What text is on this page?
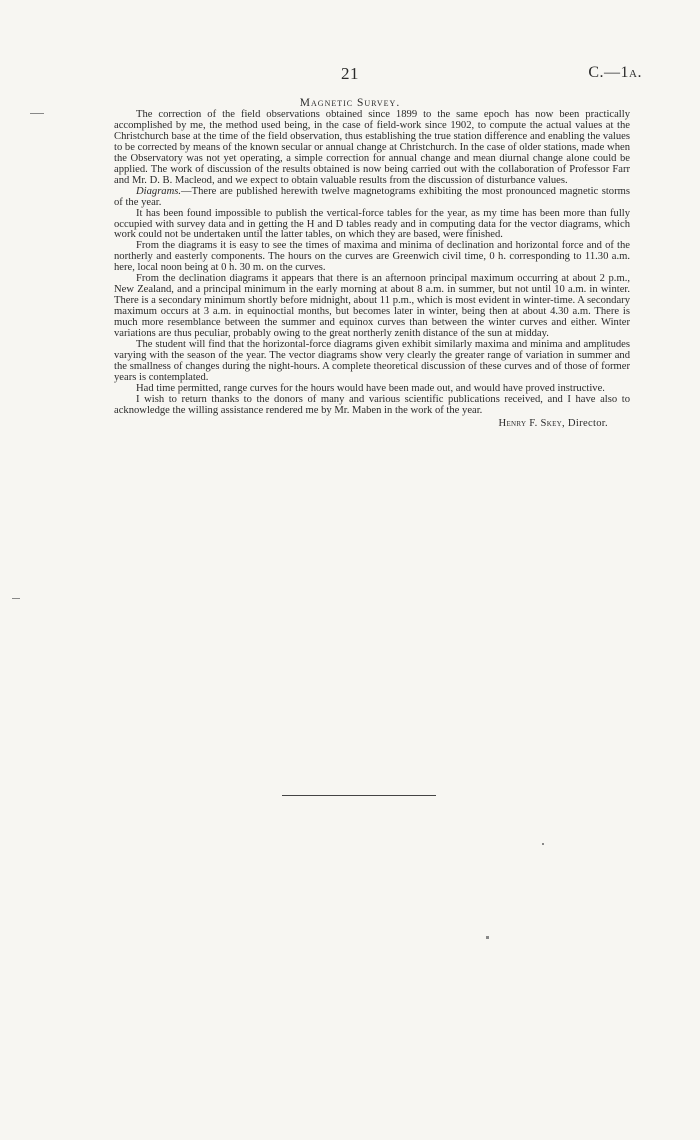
21	C.—1a.
Magnetic Survey.

The correction of the field observations obtained since 1899 to the same epoch has now been practically accomplished by me, the method used being, in the case of field-work since 1902, to compute the actual values at the Christchurch base at the time of the field observation, thus establishing the true station difference and enabling the values to be corrected by means of the known secular or annual change at Christchurch. In the case of older stations, made when the Observatory was not yet operating, a simple correction for annual change and mean diurnal change alone could be applied. The work of discussion of the results obtained is now being carried out with the collaboration of Professor Farr and Mr. D. B. Macleod, and we expect to obtain valuable results from the discussion of disturbance values.

Diagrams.—There are published herewith twelve magnetograms exhibiting the most pronounced magnetic storms of the year.

It has been found impossible to publish the vertical-force tables for the year, as my time has been more than fully occupied with survey data and in getting the H and D tables ready and in computing data for the vector diagrams, which work could not be undertaken until the latter tables, on which they are based, were finished.

From the diagrams it is easy to see the times of maxima and minima of declination and horizontal force and of the northerly and easterly components. The hours on the curves are Greenwich civil time, 0 h. corresponding to 11.30 a.m. here, local noon being at 0 h. 30 m. on the curves.

From the declination diagrams it appears that there is an afternoon principal maximum occurring at about 2 p.m., New Zealand, and a principal minimum in the early morning at about 8 a.m. in summer, but not until 10 a.m. in winter. There is a secondary minimum shortly before midnight, about 11 p.m., which is most evident in winter-time. A secondary maximum occurs at 3 a.m. in equinoctial months, but becomes later in winter, being then at about 4.30 a.m. There is much more resemblance between the summer and equinox curves than between the winter curves and either. Winter variations are thus peculiar, probably owing to the great northerly zenith distance of the sun at midday.

The student will find that the horizontal-force diagrams given exhibit similarly maxima and minima and amplitudes varying with the season of the year. The vector diagrams show very clearly the greater range of variation in summer and the smallness of changes during the night-hours. A complete theoretical discussion of these curves and of those of former years is contemplated.

Had time permitted, range curves for the hours would have been made out, and would have proved instructive.

I wish to return thanks to the donors of many and various scientific publications received, and I have also to acknowledge the willing assistance rendered me by Mr. Maben in the work of the year.

Henry F. Skey, Director.
